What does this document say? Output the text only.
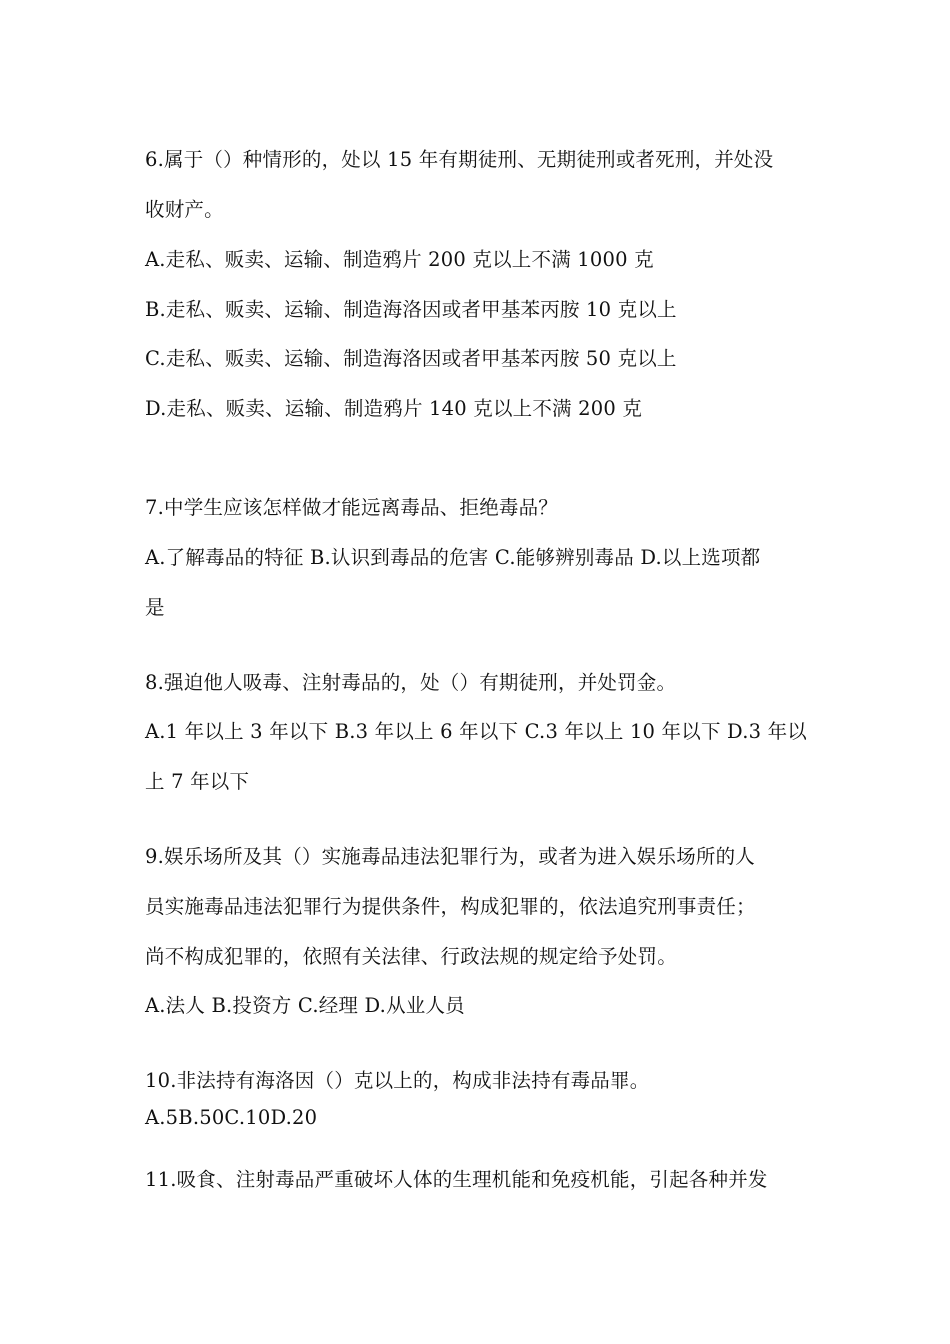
6.属于（）种情形的，处以 15 年有期徒刑、无期徒刑或者死刑，并处没
收财产。
A.走私、贩卖、运输、制造鸦片 200 克以上不满 1000 克
B.走私、贩卖、运输、制造海洛因或者甲基苯丙胺 10 克以上
C.走私、贩卖、运输、制造海洛因或者甲基苯丙胺 50 克以上
D.走私、贩卖、运输、制造鸦片 140 克以上不满 200 克
7.中学生应该怎样做才能远离毒品、拒绝毒品？
A.了解毒品的特征 B.认识到毒品的危害 C.能够辨别毒品 D.以上选项都
是
8.强迫他人吸毒、注射毒品的，处（）有期徒刑，并处罚金。
A.1 年以上 3 年以下 B.3 年以上 6 年以下 C.3 年以上 10 年以下 D.3 年以
上 7 年以下
9.娱乐场所及其（）实施毒品违法犯罪行为，或者为进入娱乐场所的人
员实施毒品违法犯罪行为提供条件，构成犯罪的，依法追究刑事责任；
尚不构成犯罪的，依照有关法律、行政法规的规定给予处罚。
A.法人 B.投资方 C.经理 D.从业人员
10.非法持有海洛因（）克以上的，构成非法持有毒品罪。
A.5B.50C.10D.20
11.吸食、注射毒品严重破坏人体的生理机能和免疫机能，引起各种并发
